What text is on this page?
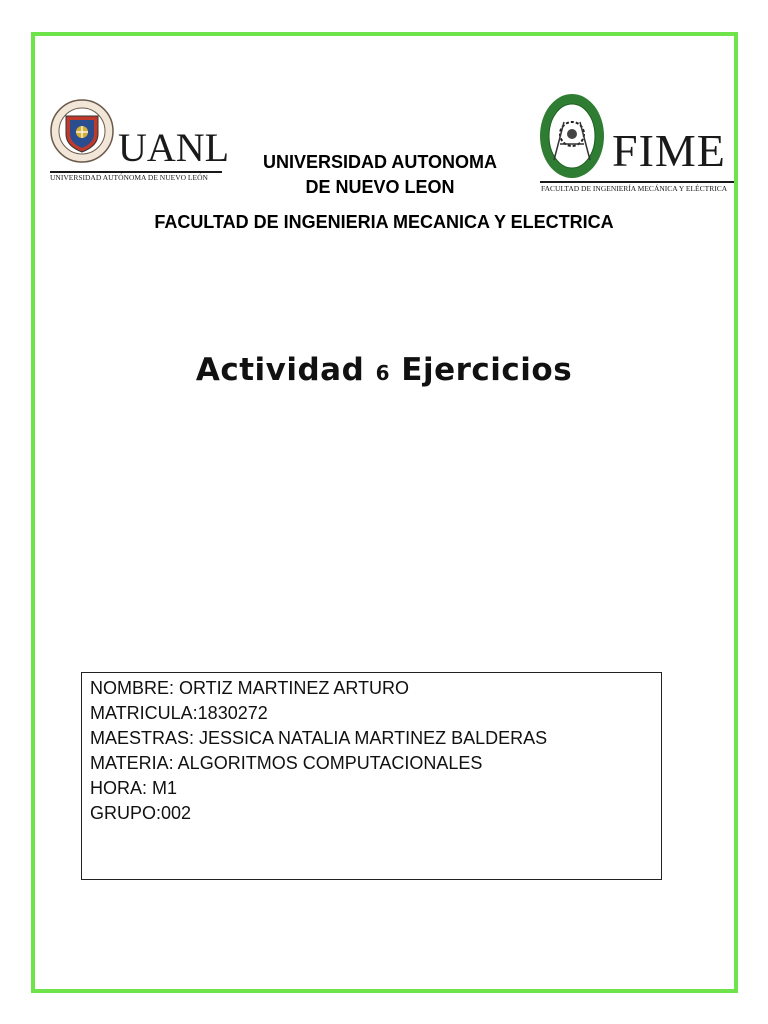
UANL
UNIVERSIDAD AUTÓNOMA DE NUEVO LEÓN
FIME
FACULTAD DE INGENIERÍA MECÁNICA Y ELÉCTRICA
UNIVERSIDAD AUTONOMA
DE NUEVO LEON
FACULTAD DE INGENIERIA MECANICA Y ELECTRICA
Actividad 6 Ejercicios
NOMBRE: ORTIZ MARTINEZ ARTURO
MATRICULA:1830272
MAESTRAS: JESSICA NATALIA MARTINEZ BALDERAS
MATERIA: ALGORITMOS COMPUTACIONALES
HORA: M1
GRUPO:002
